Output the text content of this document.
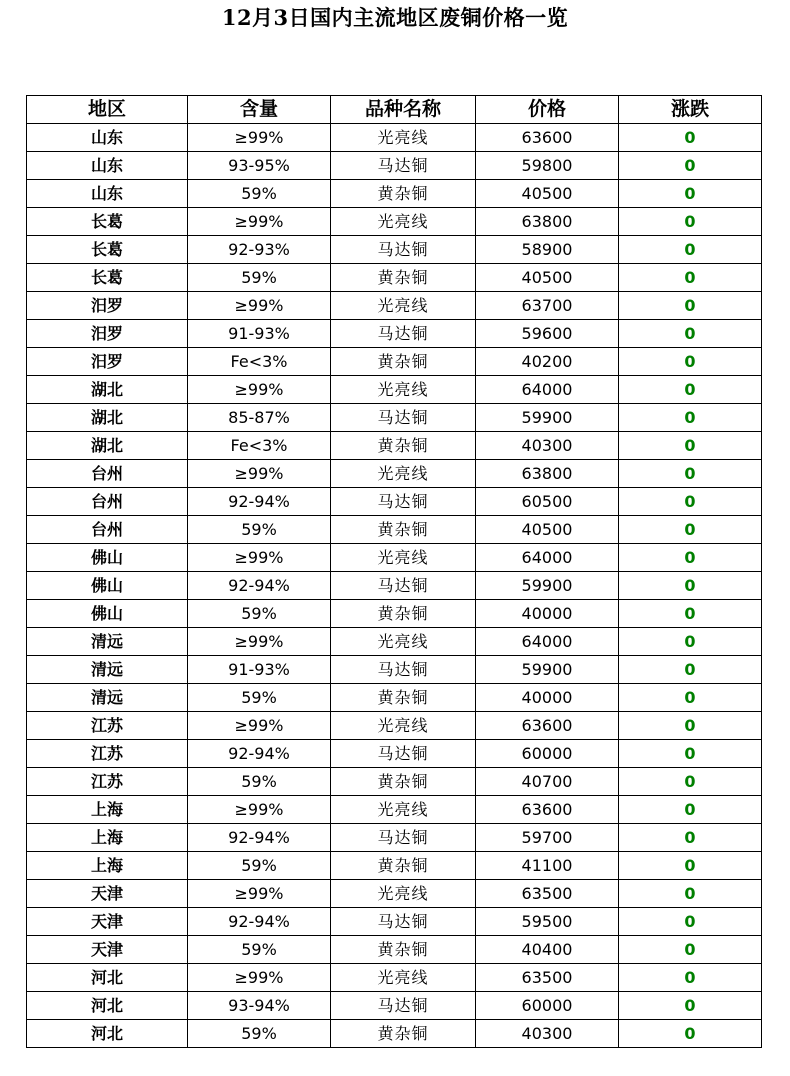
12月3日国内主流地区废铜价格一览
地区	含量	品种名称	价格	涨跌
山东	≥99%	光亮线	63600	0
山东	93-95%	马达铜	59800	0
山东	59%	黄杂铜	40500	0
长葛	≥99%	光亮线	63800	0
长葛	92-93%	马达铜	58900	0
长葛	59%	黄杂铜	40500	0
汨罗	≥99%	光亮线	63700	0
汨罗	91-93%	马达铜	59600	0
汨罗	Fe<3%	黄杂铜	40200	0
湖北	≥99%	光亮线	64000	0
湖北	85-87%	马达铜	59900	0
湖北	Fe<3%	黄杂铜	40300	0
台州	≥99%	光亮线	63800	0
台州	92-94%	马达铜	60500	0
台州	59%	黄杂铜	40500	0
佛山	≥99%	光亮线	64000	0
佛山	92-94%	马达铜	59900	0
佛山	59%	黄杂铜	40000	0
清远	≥99%	光亮线	64000	0
清远	91-93%	马达铜	59900	0
清远	59%	黄杂铜	40000	0
江苏	≥99%	光亮线	63600	0
江苏	92-94%	马达铜	60000	0
江苏	59%	黄杂铜	40700	0
上海	≥99%	光亮线	63600	0
上海	92-94%	马达铜	59700	0
上海	59%	黄杂铜	41100	0
天津	≥99%	光亮线	63500	0
天津	92-94%	马达铜	59500	0
天津	59%	黄杂铜	40400	0
河北	≥99%	光亮线	63500	0
河北	93-94%	马达铜	60000	0
河北	59%	黄杂铜	40300	0
